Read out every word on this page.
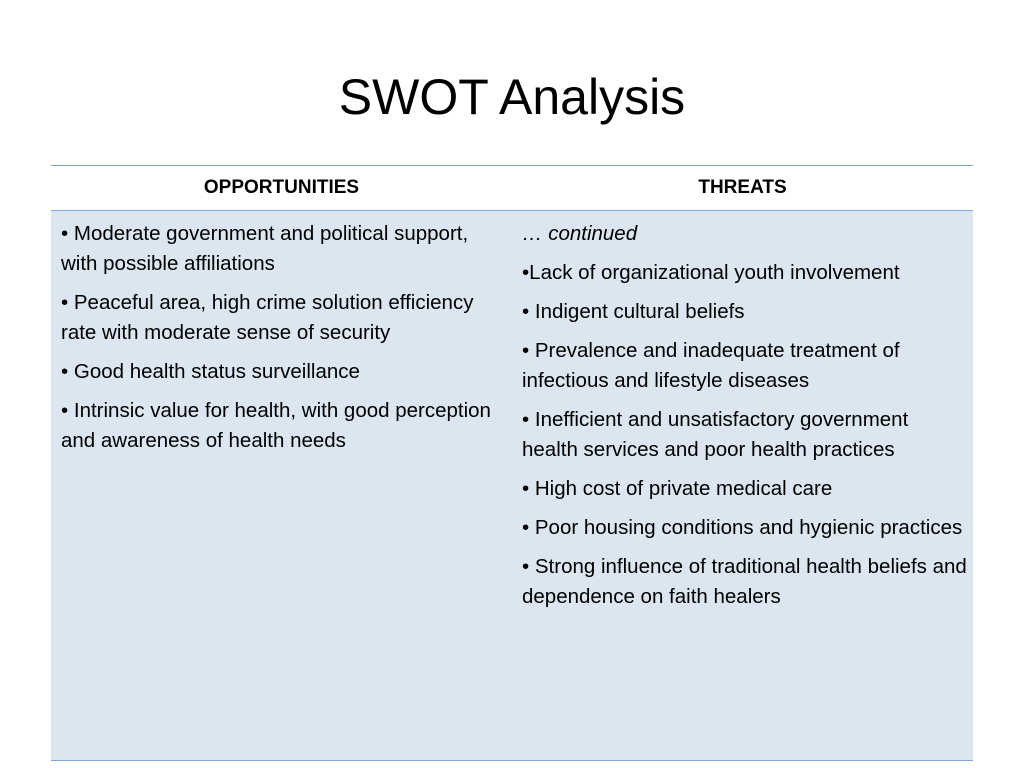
SWOT Analysis
OPPORTUNITIES	THREATS

• Moderate government and political support, with possible affiliations

• Peaceful area, high crime solution efficiency rate with moderate sense of security

• Good health status surveillance

• Intrinsic value for health, with good perception and awareness of health needs

… continued

•Lack of organizational youth involvement

• Indigent cultural beliefs

• Prevalence and inadequate treatment of infectious and lifestyle diseases

• Inefficient and unsatisfactory government health services and poor health practices

• High cost of private medical care

• Poor housing conditions and hygienic practices

• Strong influence of traditional health beliefs and dependence on faith healers
